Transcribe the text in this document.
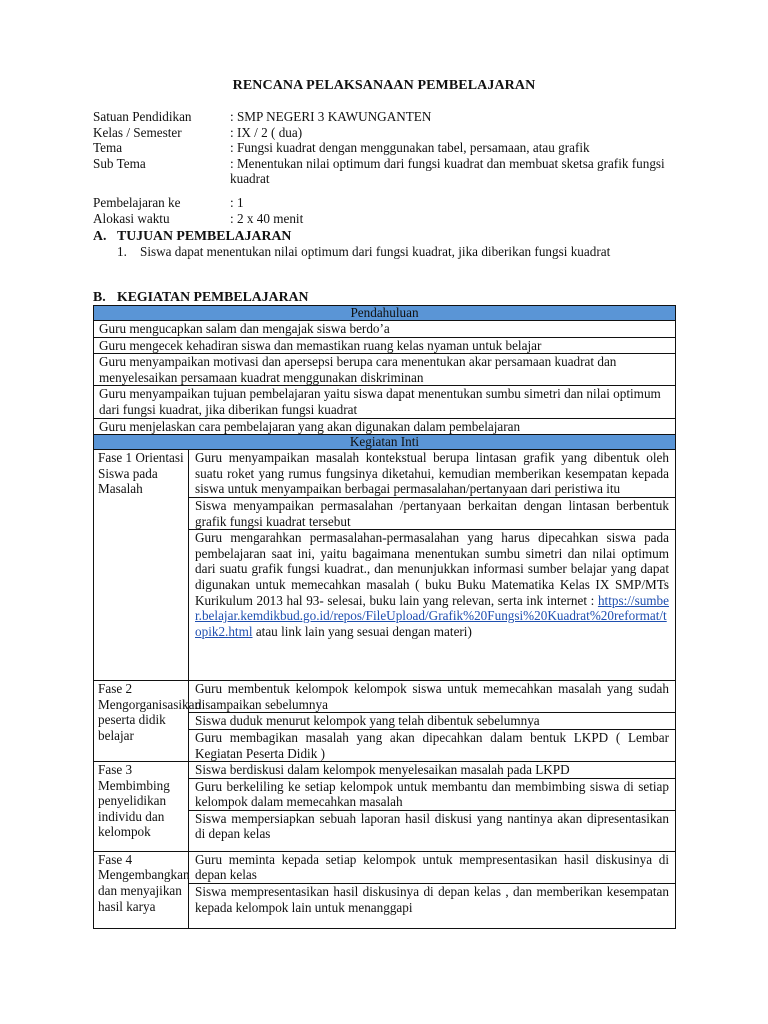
RENCANA PELAKSANAAN PEMBELAJARAN
Satuan Pendidikan	: SMP NEGERI 3 KAWUNGANTEN
Kelas / Semester	: IX / 2 ( dua)
Tema	: Fungsi kuadrat dengan menggunakan tabel, persamaan, atau grafik
Sub Tema	: Menentukan nilai optimum dari fungsi kuadrat dan membuat sketsa grafik fungsi kuadrat
Pembelajaran ke	: 1
Alokasi waktu	: 2 x 40 menit
A. TUJUAN PEMBELAJARAN
1. Siswa dapat menentukan nilai optimum dari fungsi kuadrat, jika diberikan fungsi kuadrat
B. KEGIATAN PEMBELAJARAN
Pendahuluan	
Guru mengucapkan salam dan mengajak siswa berdo’a	
Guru mengecek kehadiran siswa dan memastikan ruang kelas nyaman untuk belajar	
Guru menyampaikan motivasi dan apersepsi berupa cara menentukan akar persamaan kuadrat dan menyelesaikan persamaan kuadrat menggunakan diskriminan	
Guru menyampaikan tujuan pembelajaran yaitu siswa dapat menentukan sumbu simetri dan nilai optimum dari fungsi kuadrat, jika diberikan fungsi kuadrat	
Guru menjelaskan cara pembelajaran yang akan digunakan dalam pembelajaran	
Kegiatan Inti	
Fase 1 Orientasi Siswa pada Masalah	Guru menyampaikan masalah kontekstual berupa lintasan grafik yang dibentuk oleh suatu roket yang rumus fungsinya diketahui, kemudian memberikan kesempatan kepada siswa untuk menyampaikan berbagai permasalahan/pertanyaan dari peristiwa itu
	Siswa menyampaikan permasalahan /pertanyaan berkaitan dengan lintasan berbentuk grafik fungsi kuadrat tersebut
	Guru mengarahkan permasalahan-permasalahan yang harus dipecahkan siswa pada pembelajaran saat ini, yaitu bagaimana menentukan sumbu simetri dan nilai optimum dari suatu grafik fungsi kuadrat., dan menunjukkan informasi sumber belajar yang dapat digunakan untuk memecahkan masalah ( buku Buku Matematika Kelas IX SMP/MTs Kurikulum 2013 hal 93- selesai, buku lain yang relevan, serta ink internet : https://sumber.belajar.kemdikbud.go.id/repos/FileUpload/Grafik%20Fungsi%20Kuadrat%20reformat/topik2.html atau link lain yang sesuai dengan materi)
Fase 2 Mengorganisasikan peserta didik belajar	Guru membentuk kelompok kelompok siswa untuk memecahkan masalah yang sudah disampaikan sebelumnya
	Siswa duduk menurut kelompok yang telah dibentuk sebelumnya
	Guru membagikan masalah yang akan dipecahkan dalam bentuk LKPD ( Lembar Kegiatan Peserta Didik )
Fase 3 Membimbing penyelidikan individu dan kelompok	Siswa berdiskusi dalam kelompok menyelesaikan masalah pada LKPD
	Guru berkeliling ke setiap kelompok untuk membantu dan membimbing siswa di setiap kelompok dalam memecahkan masalah
	Siswa mempersiapkan sebuah laporan hasil diskusi yang nantinya akan dipresentasikan di depan kelas
Fase 4 Mengembangkan dan menyajikan hasil karya	Guru meminta kepada setiap kelompok untuk mempresentasikan hasil diskusinya di depan kelas
	Siswa mempresentasikan hasil diskusinya di depan kelas , dan memberikan kesempatan kepada kelompok lain untuk menanggapi
